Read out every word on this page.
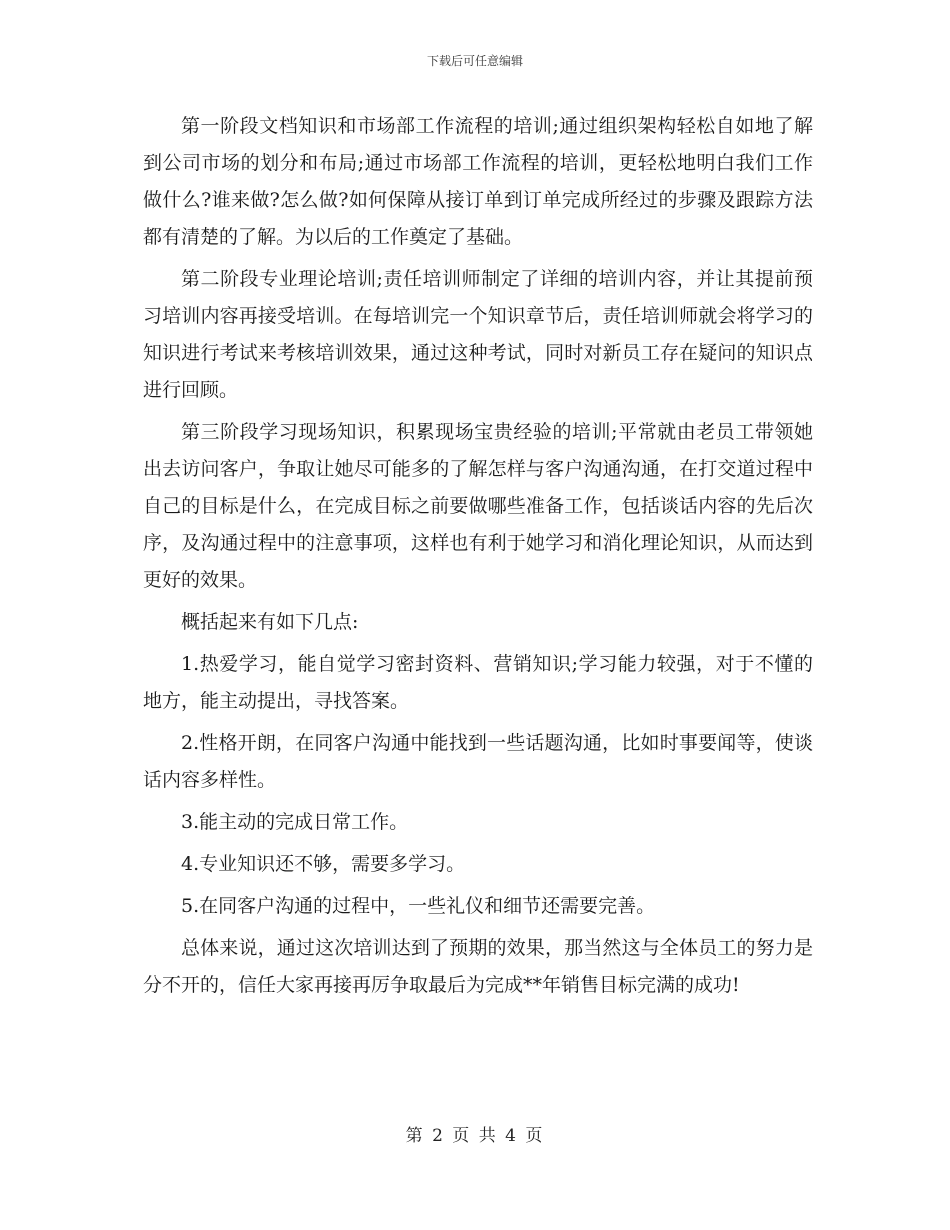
下载后可任意编辑

第一阶段文档知识和市场部工作流程的培训;通过组织架构轻松自如地了解到公司市场的划分和布局;通过市场部工作流程的培训，更轻松地明白我们工作做什么?谁来做?怎么做?如何保障从接订单到订单完成所经过的步骤及跟踪方法都有清楚的了解。为以后的工作奠定了基础。

第二阶段专业理论培训;责任培训师制定了详细的培训内容，并让其提前预习培训内容再接受培训。在每培训完一个知识章节后，责任培训师就会将学习的知识进行考试来考核培训效果，通过这种考试，同时对新员工存在疑问的知识点进行回顾。

第三阶段学习现场知识，积累现场宝贵经验的培训;平常就由老员工带领她出去访问客户，争取让她尽可能多的了解怎样与客户沟通沟通，在打交道过程中自己的目标是什么，在完成目标之前要做哪些准备工作，包括谈话内容的先后次序，及沟通过程中的注意事项，这样也有利于她学习和消化理论知识，从而达到更好的效果。

概括起来有如下几点:

1.热爱学习，能自觉学习密封资料、营销知识;学习能力较强，对于不懂的地方，能主动提出，寻找答案。

2.性格开朗，在同客户沟通中能找到一些话题沟通，比如时事要闻等，使谈话内容多样性。

3.能主动的完成日常工作。

4.专业知识还不够，需要多学习。

5.在同客户沟通的过程中，一些礼仪和细节还需要完善。

总体来说，通过这次培训达到了预期的效果，那当然这与全体员工的努力是分不开的，信任大家再接再厉争取最后为完成**年销售目标完满的成功!

第 2 页 共 4 页
